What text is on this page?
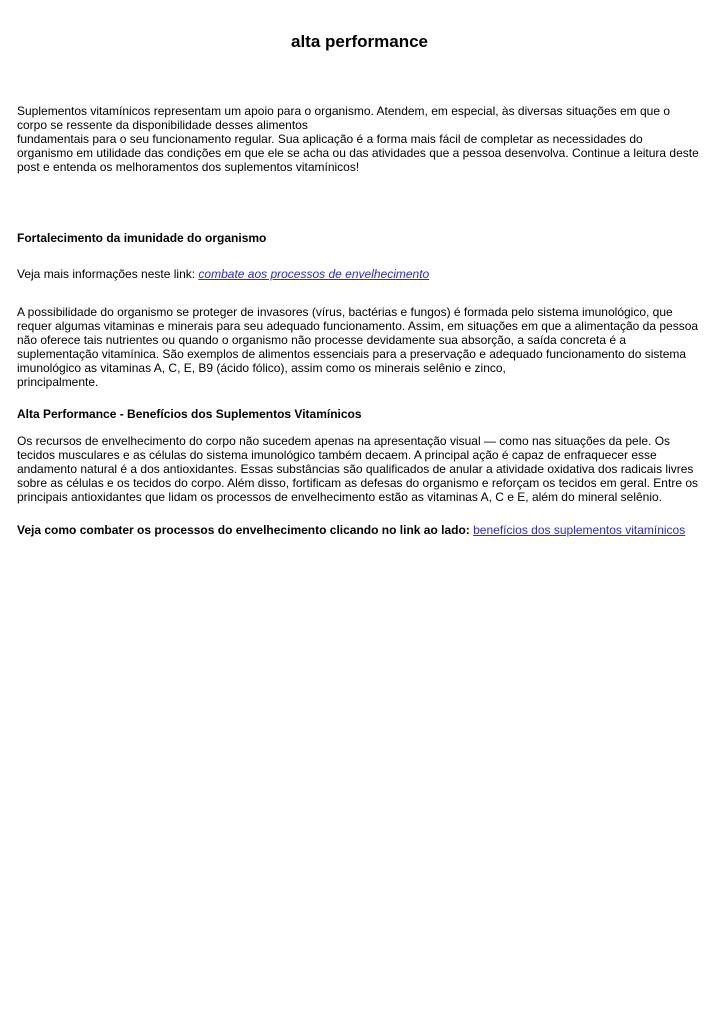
alta performance

Suplementos vitamínicos representam um apoio para o organismo. Atendem, em especial, às diversas situações em que o corpo se ressente da disponibilidade desses alimentos
fundamentais para o seu funcionamento regular. Sua aplicação é a forma mais fácil de completar as necessidades do organismo em utilidade das condições em que ele se acha ou das atividades que a pessoa desenvolva. Continue a leitura deste post e entenda os melhoramentos dos suplementos vitamínicos!

Fortalecimento da imunidade do organismo

Veja mais informações neste link: combate aos processos de envelhecimento

A possibilidade do organismo se proteger de invasores (vírus, bactérias e fungos) é formada pelo sistema imunológico, que requer algumas vitaminas e minerais para seu adequado funcionamento. Assim, em situações em que a alimentação da pessoa não oferece tais nutrientes ou quando o organismo não processe devidamente sua absorção, a saída concreta é a suplementação vitamínica. São exemplos de alimentos essenciais para a preservação e adequado funcionamento do sistema imunológico as vitaminas A, C, E, B9 (ácido fólico), assim como os minerais selênio e zinco,
principalmente.

Alta Performance - Benefícios dos Suplementos Vitamínicos

Os recursos de envelhecimento do corpo não sucedem apenas na apresentação visual — como nas situações da pele. Os tecidos musculares e as células do sistema imunológico também decaem. A principal ação é capaz de enfraquecer esse andamento natural é a dos antioxidantes. Essas substâncias são qualificados de anular a atividade oxidativa dos radicais livres sobre as células e os tecidos do corpo. Além disso, fortificam as defesas do organismo e reforçam os tecidos em geral. Entre os principais antioxidantes que lidam os processos de envelhecimento estão as vitaminas A, C e E, além do mineral selênio.

Veja como combater os processos do envelhecimento clicando no link ao lado: benefícios dos suplementos vitamínicos
